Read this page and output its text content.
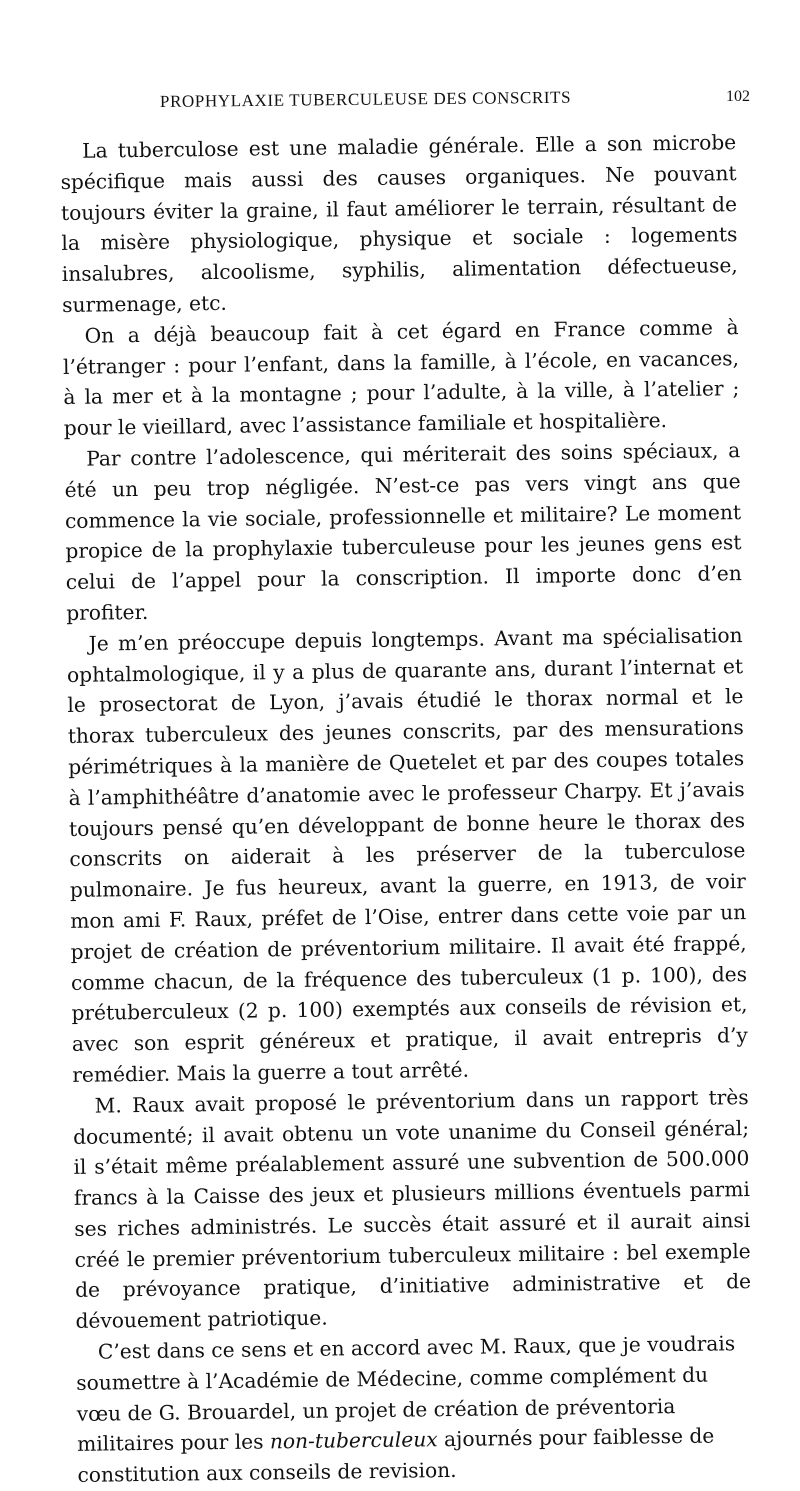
PROPHYLAXIE TUBERCULEUSE DES CONSCRITS	102

La tuberculose est une maladie générale. Elle a son microbe spécifique mais aussi des causes organiques. Ne pouvant toujours éviter la graine, il faut améliorer le terrain, résultant de la misère physiologique, physique et sociale : logements insalubres, alcoolisme, syphilis, alimentation défectueuse, surmenage, etc.

On a déjà beaucoup fait à cet égard en France comme à l’étranger : pour l’enfant, dans la famille, à l’école, en vacances, à la mer et à la montagne ; pour l’adulte, à la ville, à l’atelier ; pour le vieillard, avec l’assistance familiale et hospitalière.

Par contre l’adolescence, qui mériterait des soins spéciaux, a été un peu trop négligée. N’est-ce pas vers vingt ans que commence la vie sociale, professionnelle et militaire? Le moment propice de la prophylaxie tuberculeuse pour les jeunes gens est celui de l’appel pour la conscription. Il importe donc d’en profiter.

Je m’en préoccupe depuis longtemps. Avant ma spécialisation ophtalmologique, il y a plus de quarante ans, durant l’internat et le prosectorat de Lyon, j’avais étudié le thorax normal et le thorax tuberculeux des jeunes conscrits, par des mensurations périmétriques à la manière de Quetelet et par des coupes totales à l’amphithéâtre d’anatomie avec le professeur Charpy. Et j’avais toujours pensé qu’en développant de bonne heure le thorax des conscrits on aiderait à les préserver de la tuberculose pulmonaire. Je fus heureux, avant la guerre, en 1913, de voir mon ami F. Raux, préfet de l’Oise, entrer dans cette voie par un projet de création de préventorium militaire. Il avait été frappé, comme chacun, de la fréquence des tuberculeux (1 p. 100), des prétuberculeux (2 p. 100) exemptés aux conseils de révision et, avec son esprit généreux et pratique, il avait entrepris d’y remédier. Mais la guerre a tout arrêté.

M. Raux avait proposé le préventorium dans un rapport très documenté; il avait obtenu un vote unanime du Conseil général; il s’était même préalablement assuré une subvention de 500.000 francs à la Caisse des jeux et plusieurs millions éventuels parmi ses riches administrés. Le succès était assuré et il aurait ainsi créé le premier préventorium tuberculeux militaire : bel exemple de prévoyance pratique, d’initiative administrative et de dévouement patriotique.

C’est dans ce sens et en accord avec M. Raux, que je voudrais soumettre à l’Académie de Médecine, comme complément du vœu de G. Brouardel, un projet de création de préventoria militaires pour les non-tuberculeux ajournés pour faiblesse de constitution aux conseils de revision.
